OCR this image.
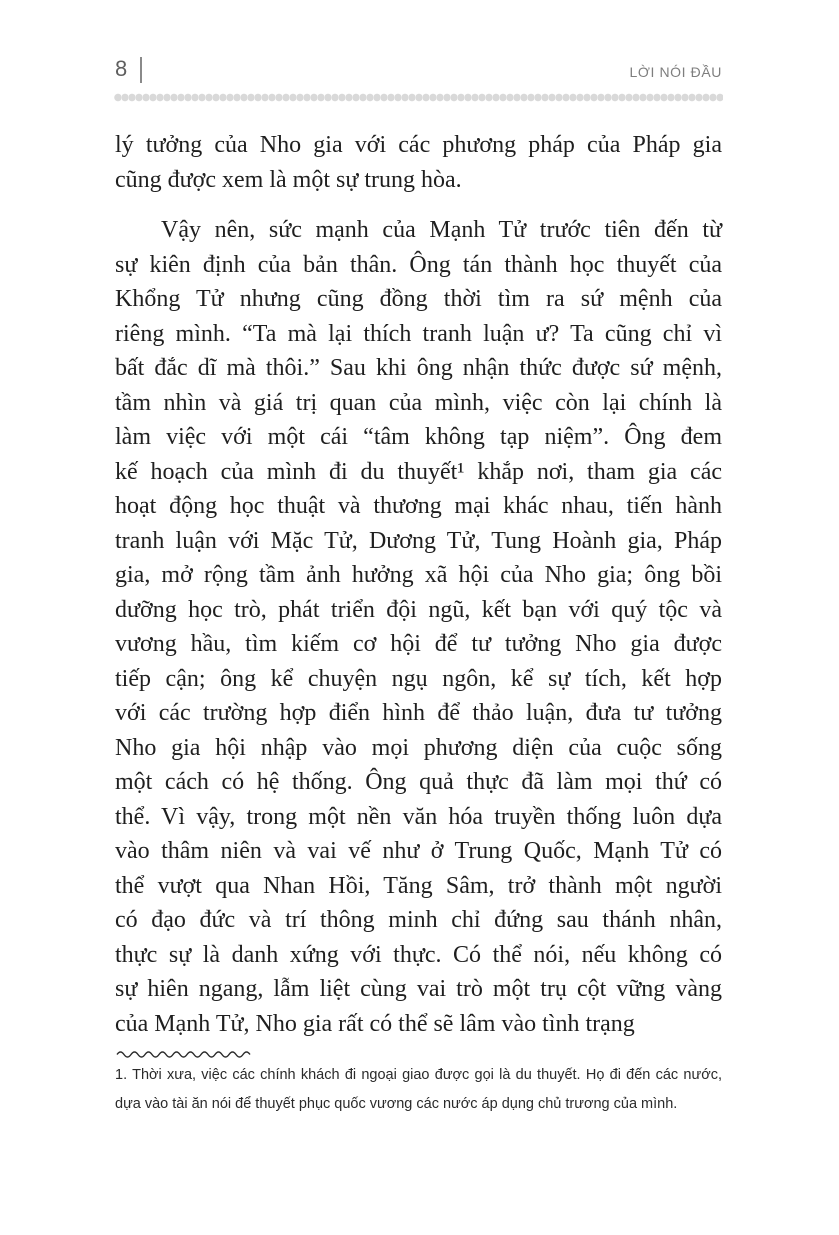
8	LỜI NÓI ĐẦU

lý tưởng của Nho gia với các phương pháp của Pháp gia
cũng được xem là một sự trung hòa.

Vậy nên, sức mạnh của Mạnh Tử trước tiên đến từ
sự kiên định của bản thân. Ông tán thành học thuyết của
Khổng Tử nhưng cũng đồng thời tìm ra sứ mệnh của
riêng mình. “Ta mà lại thích tranh luận ư? Ta cũng chỉ vì
bất đắc dĩ mà thôi.” Sau khi ông nhận thức được sứ mệnh,
tầm nhìn và giá trị quan của mình, việc còn lại chính là
làm việc với một cái “tâm không tạp niệm”. Ông đem
kế hoạch của mình đi du thuyết¹ khắp nơi, tham gia các
hoạt động học thuật và thương mại khác nhau, tiến hành
tranh luận với Mặc Tử, Dương Tử, Tung Hoành gia, Pháp
gia, mở rộng tầm ảnh hưởng xã hội của Nho gia; ông bồi
dưỡng học trò, phát triển đội ngũ, kết bạn với quý tộc và
vương hầu, tìm kiếm cơ hội để tư tưởng Nho gia được
tiếp cận; ông kể chuyện ngụ ngôn, kể sự tích, kết hợp
với các trường hợp điển hình để thảo luận, đưa tư tưởng
Nho gia hội nhập vào mọi phương diện của cuộc sống
một cách có hệ thống. Ông quả thực đã làm mọi thứ có
thể. Vì vậy, trong một nền văn hóa truyền thống luôn dựa
vào thâm niên và vai vế như ở Trung Quốc, Mạnh Tử có
thể vượt qua Nhan Hồi, Tăng Sâm, trở thành một người
có đạo đức và trí thông minh chỉ đứng sau thánh nhân,
thực sự là danh xứng với thực. Có thể nói, nếu không có
sự hiên ngang, lẫm liệt cùng vai trò một trụ cột vững vàng
của Mạnh Tử, Nho gia rất có thể sẽ lâm vào tình trạng

1. Thời xưa, việc các chính khách đi ngoại giao được gọi là du thuyết. Họ đi đến các nước,
dựa vào tài ăn nói để thuyết phục quốc vương các nước áp dụng chủ trương của mình.
